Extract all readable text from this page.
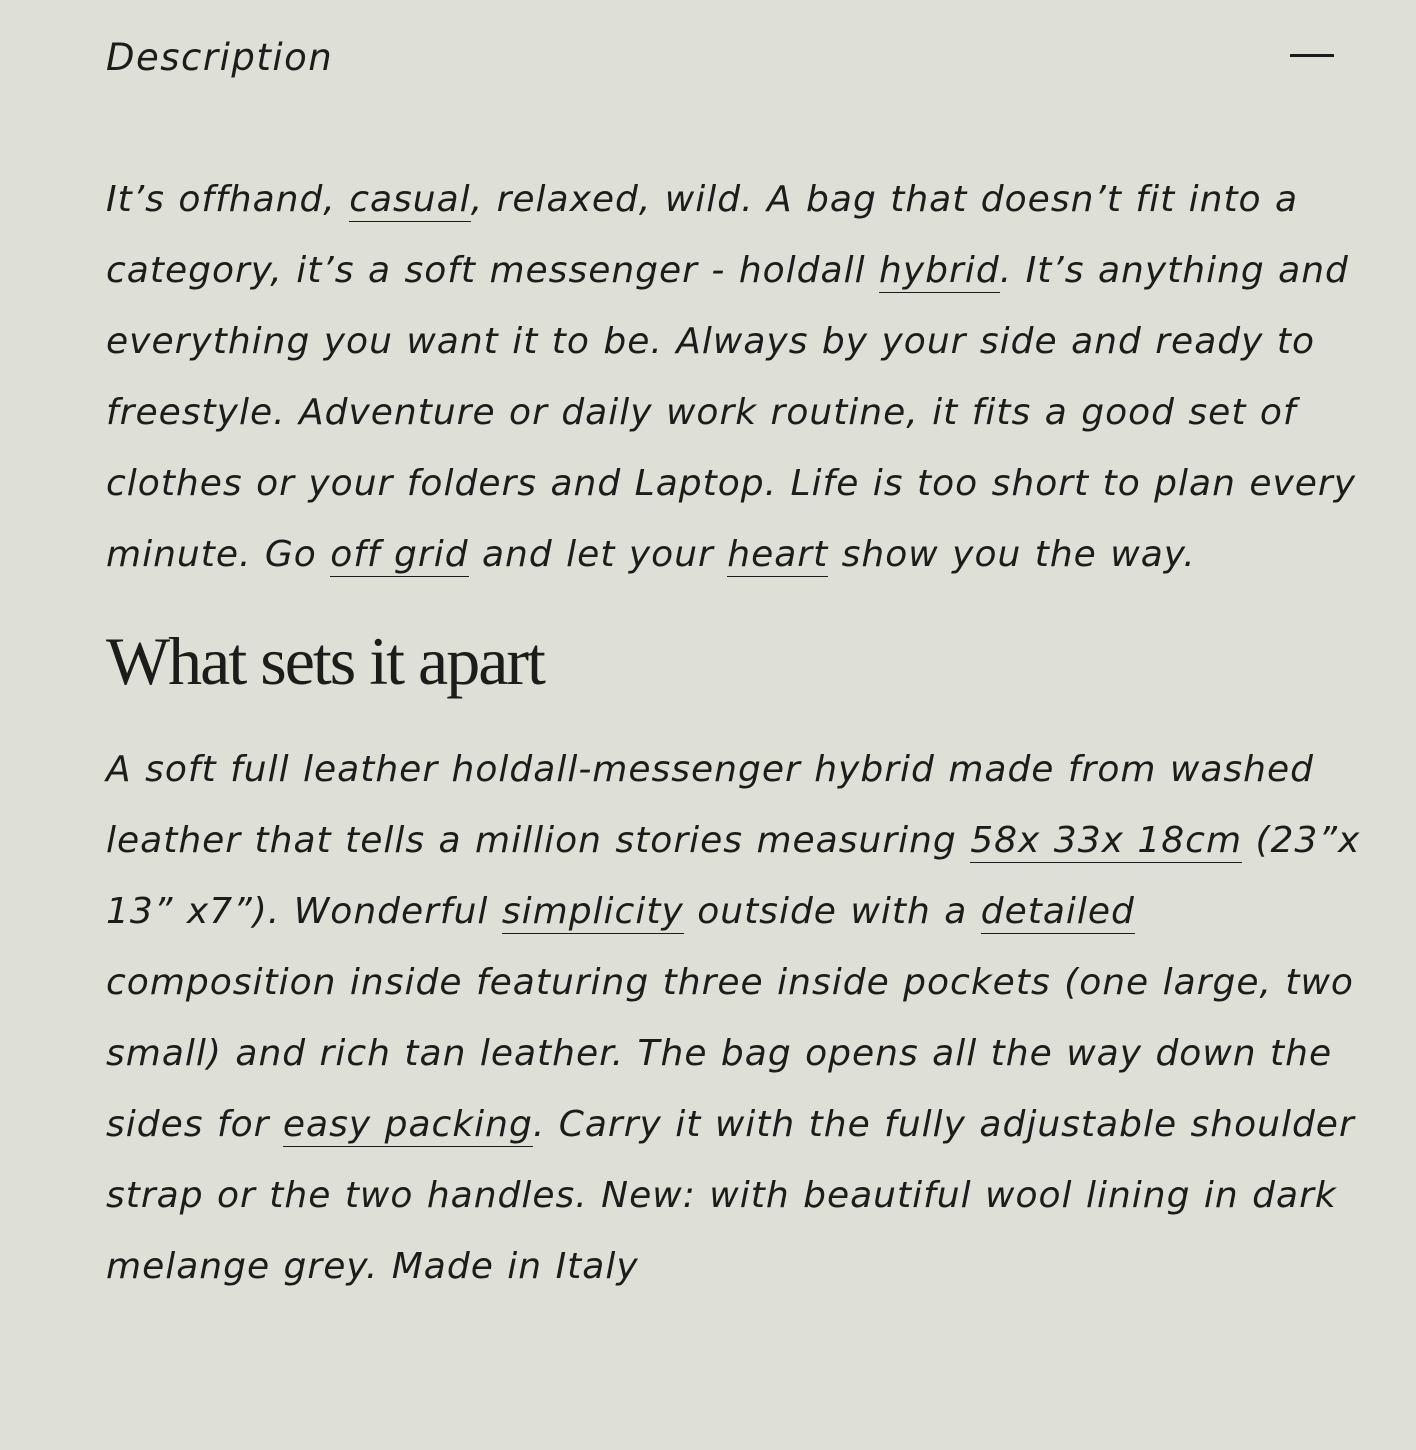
Description

It’s offhand, casual, relaxed, wild. A bag that doesn’t fit into a category, it’s a soft messenger - holdall hybrid. It’s anything and everything you want it to be. Always by your side and ready to freestyle. Adventure or daily work routine, it fits a good set of clothes or your folders and Laptop. Life is too short to plan every minute. Go off grid and let your heart show you the way.

What sets it apart

A soft full leather holdall-messenger hybrid made from washed leather that tells a million stories measuring 58x 33x 18cm (23”x 13” x7”). Wonderful simplicity outside with a detailed composition inside featuring three inside pockets (one large, two small) and rich tan leather. The bag opens all the way down the sides for easy packing. Carry it with the fully adjustable shoulder strap or the two handles. New: with beautiful wool lining in dark melange grey. Made in Italy
